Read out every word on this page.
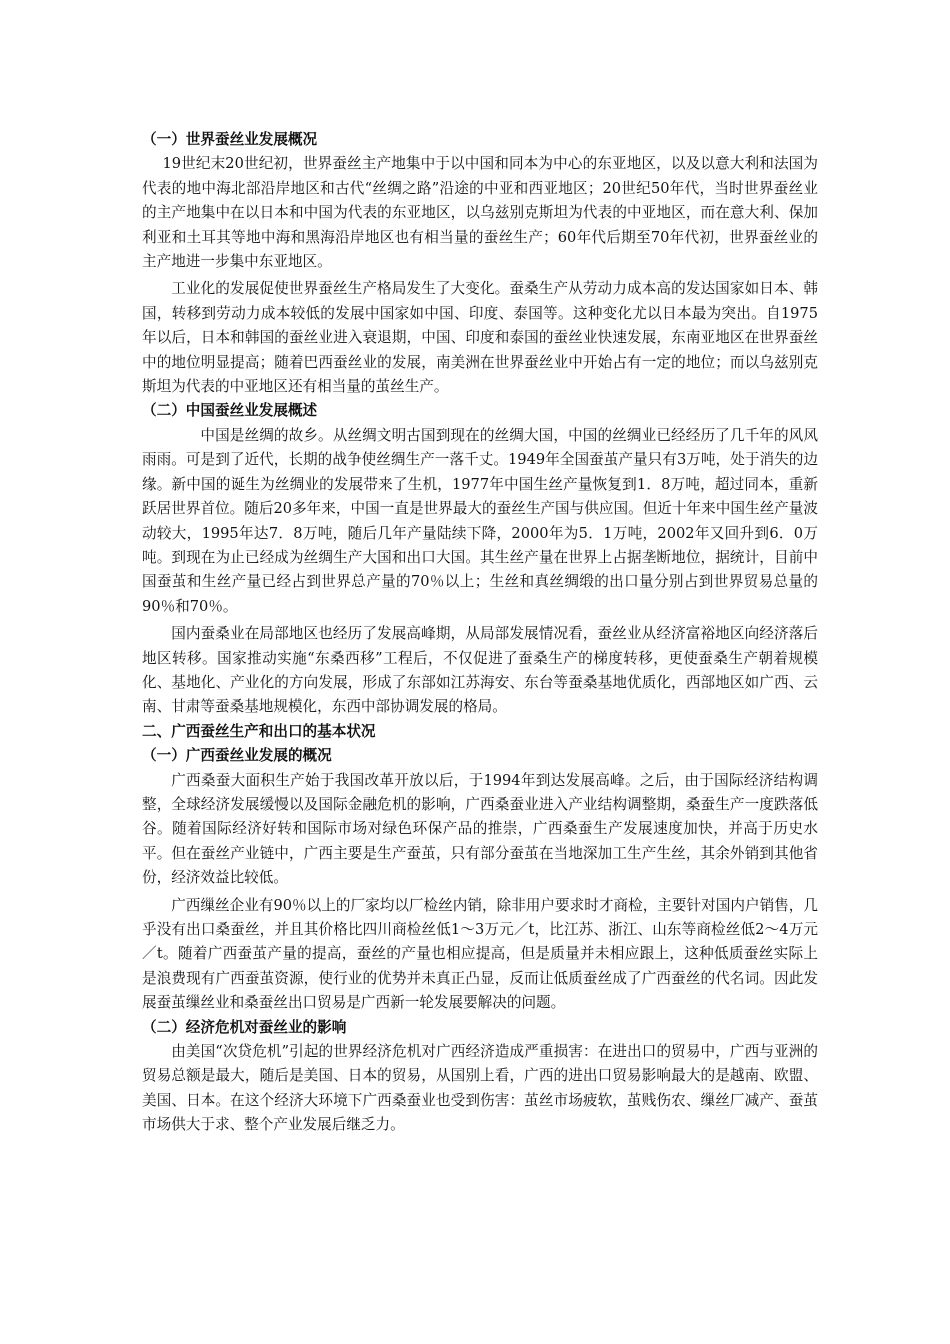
（一）世界蚕丝业发展概况
19世纪末20世纪初，世界蚕丝主产地集中于以中国和同本为中心的东亚地区，以及以意大利和法国为代表的地中海北部沿岸地区和古代“丝绸之路”沿途的中亚和西亚地区；20世纪50年代，当时世界蚕丝业的主产地集中在以日本和中国为代表的东亚地区，以乌兹别克斯坦为代表的中亚地区，而在意大利、保加利亚和土耳其等地中海和黑海沿岸地区也有相当量的蚕丝生产；60年代后期至70年代初，世界蚕丝业的主产地进一步集中东亚地区。
工业化的发展促使世界蚕丝生产格局发生了大变化。蚕桑生产从劳动力成本高的发达国家如日本、韩国，转移到劳动力成本较低的发展中国家如中国、印度、泰国等。这种变化尤以日本最为突出。自1975年以后，日本和韩国的蚕丝业进入衰退期，中国、印度和泰国的蚕丝业快速发展，东南亚地区在世界蚕丝中的地位明显提高；随着巴西蚕丝业的发展，南美洲在世界蚕丝业中开始占有一定的地位；而以乌兹别克斯坦为代表的中亚地区还有相当量的茧丝生产。
（二）中国蚕丝业发展概述
中国是丝绸的故乡。从丝绸文明古国到现在的丝绸大国，中国的丝绸业已经经历了几千年的风风雨雨。可是到了近代，长期的战争使丝绸生产一落千丈。1949年全国蚕茧产量只有3万吨，处于消失的边缘。新中国的诞生为丝绸业的发展带来了生机，1977年中国生丝产量恢复到1．8万吨，超过同本，重新跃居世界首位。随后20多年来，中国一直是世界最大的蚕丝生产国与供应国。但近十年来中国生丝产量波动较大，1995年达7．8万吨，随后几年产量陆续下降，2000年为5．1万吨，2002年又回升到6．0万吨。到现在为止已经成为丝绸生产大国和出口大国。其生丝产量在世界上占据垄断地位，据统计，目前中国蚕茧和生丝产量已经占到世界总产量的70％以上；生丝和真丝绸缎的出口量分别占到世界贸易总量的90％和70％。
国内蚕桑业在局部地区也经历了发展高峰期，从局部发展情况看，蚕丝业从经济富裕地区向经济落后地区转移。国家推动实施“东桑西移”工程后，不仅促进了蚕桑生产的梯度转移，更使蚕桑生产朝着规模化、基地化、产业化的方向发展，形成了东部如江苏海安、东台等蚕桑基地优质化，西部地区如广西、云南、甘肃等蚕桑基地规模化，东西中部协调发展的格局。
二、广西蚕丝生产和出口的基本状况
（一）广西蚕丝业发展的概况
广西桑蚕大面积生产始于我国改革开放以后，于1994年到达发展高峰。之后，由于国际经济结构调整，全球经济发展缓慢以及国际金融危机的影响，广西桑蚕业进入产业结构调整期，桑蚕生产一度跌落低谷。随着国际经济好转和国际市场对绿色环保产品的推崇，广西桑蚕生产发展速度加快，并高于历史水平。但在蚕丝产业链中，广西主要是生产蚕茧，只有部分蚕茧在当地深加工生产生丝，其余外销到其他省份，经济效益比较低。
广西缫丝企业有90％以上的厂家均以厂检丝内销，除非用户要求时才商检，主要针对国内户销售，几乎没有出口桑蚕丝，并且其价格比四川商检丝低1～3万元／t，比江苏、浙江、山东等商检丝低2～4万元／t。随着广西蚕茧产量的提高，蚕丝的产量也相应提高，但是质量并未相应跟上，这种低质蚕丝实际上是浪费现有广西蚕茧资源，使行业的优势并未真正凸显，反而让低质蚕丝成了广西蚕丝的代名词。因此发展蚕茧缫丝业和桑蚕丝出口贸易是广西新一轮发展要解决的问题。
（二）经济危机对蚕丝业的影响
由美国“次贷危机”引起的世界经济危机对广西经济造成严重损害：在进出口的贸易中，广西与亚洲的贸易总额是最大，随后是美国、日本的贸易，从国别上看，广西的进出口贸易影响最大的是越南、欧盟、美国、日本。在这个经济大环境下广西桑蚕业也受到伤害：茧丝市场疲软，茧贱伤农、缫丝厂减产、蚕茧市场供大于求、整个产业发展后继乏力。
